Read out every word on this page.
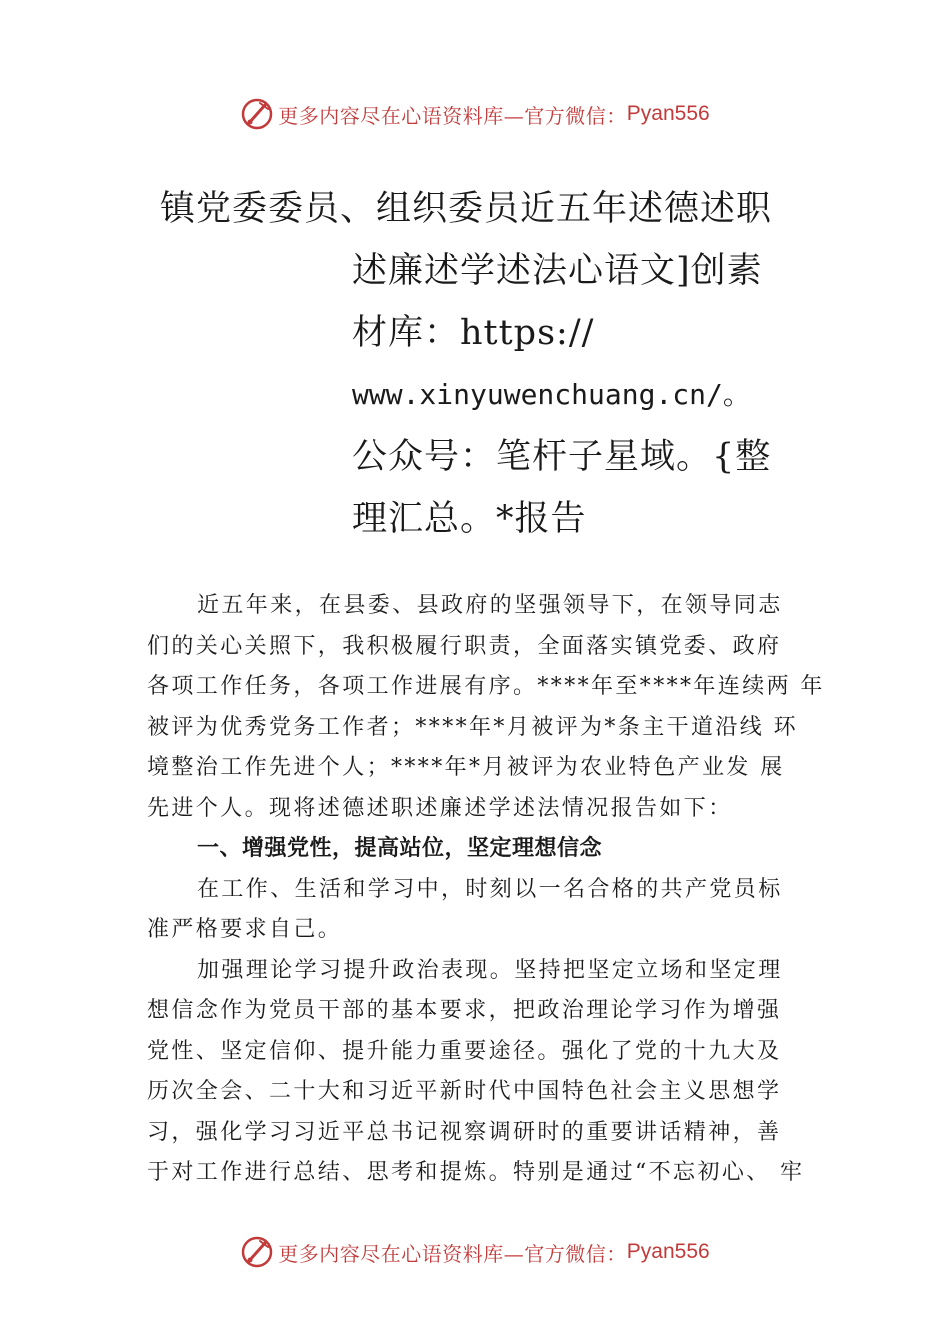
更多内容尽在心语资料库—官方微信： Pyan556
镇党委委员、组织委员近五年述德述职
述廉述学述法心语文]创素
材库：https://
www.xinyuwenchuang.cn/。
公众号：笔杆子星域。{整
理汇总。*报告

近五年来，在县委、县政府的坚强领导下，在领导同志
们的关心关照下，我积极履行职责，全面落实镇党委、政府
各项工作任务，各项工作进展有序。****年至****年连续两 年
被评为优秀党务工作者；****年*月被评为*条主干道沿线 环
境整治工作先进个人；****年*月被评为农业特色产业发 展
先进个人。现将述德述职述廉述学述法情况报告如下：

一、增强党性，提高站位，坚定理想信念

在工作、生活和学习中，时刻以一名合格的共产党员标
准严格要求自己。

加强理论学习提升政治表现。坚持把坚定立场和坚定理
想信念作为党员干部的基本要求，把政治理论学习作为增强
党性、坚定信仰、提升能力重要途径。强化了党的十九大及
历次全会、二十大和习近平新时代中国特色社会主义思想学
习，强化学习习近平总书记视察调研时的重要讲话精神，善
于对工作进行总结、思考和提炼。特别是通过“不忘初心、 牢

更多内容尽在心语资料库—官方微信： Pyan556
